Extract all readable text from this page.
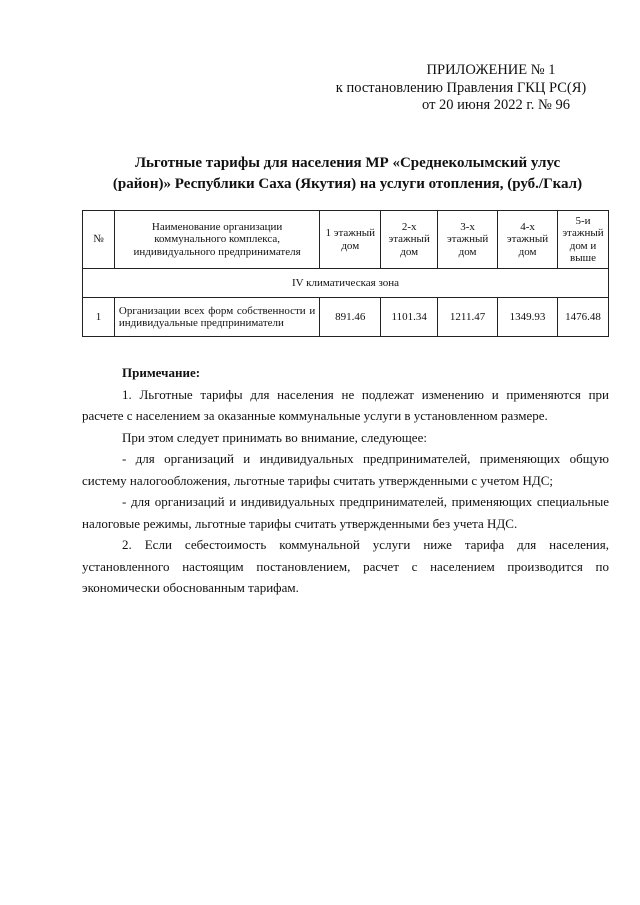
ПРИЛОЖЕНИЕ № 1
к постановлению Правления ГКЦ РС(Я)
от 20 июня 2022 г. № 96
Льготные тарифы для населения МР «Среднеколымский улус
(район)» Республики Саха (Якутия) на услуги отопления, (руб./Гкал)
№	Наименование организации коммунального комплекса, индивидуального предпринимателя	1 этажный дом	2-х этажный дом	3-х этажный дом	4-х этажный дом	5-и этажный дом и выше
IV климатическая зона						
1	Организации всех форм собственности и индивидуальные предприниматели	891.46	1101.34	1211.47	1349.93	1476.48

Примечание:

1. Льготные тарифы для населения не подлежат изменению и применяются при расчете с населением за оказанные коммунальные услуги в установленном размере.

При этом следует принимать во внимание, следующее:

- для организаций и индивидуальных предпринимателей, применяющих общую систему налогообложения, льготные тарифы считать утвержденными с учетом НДС;

- для организаций и индивидуальных предпринимателей, применяющих специальные налоговые режимы, льготные тарифы считать утвержденными без учета НДС.

2. Если себестоимость коммунальной услуги ниже тарифа для населения, установленного настоящим постановлением, расчет с населением производится по экономически обоснованным тарифам.
